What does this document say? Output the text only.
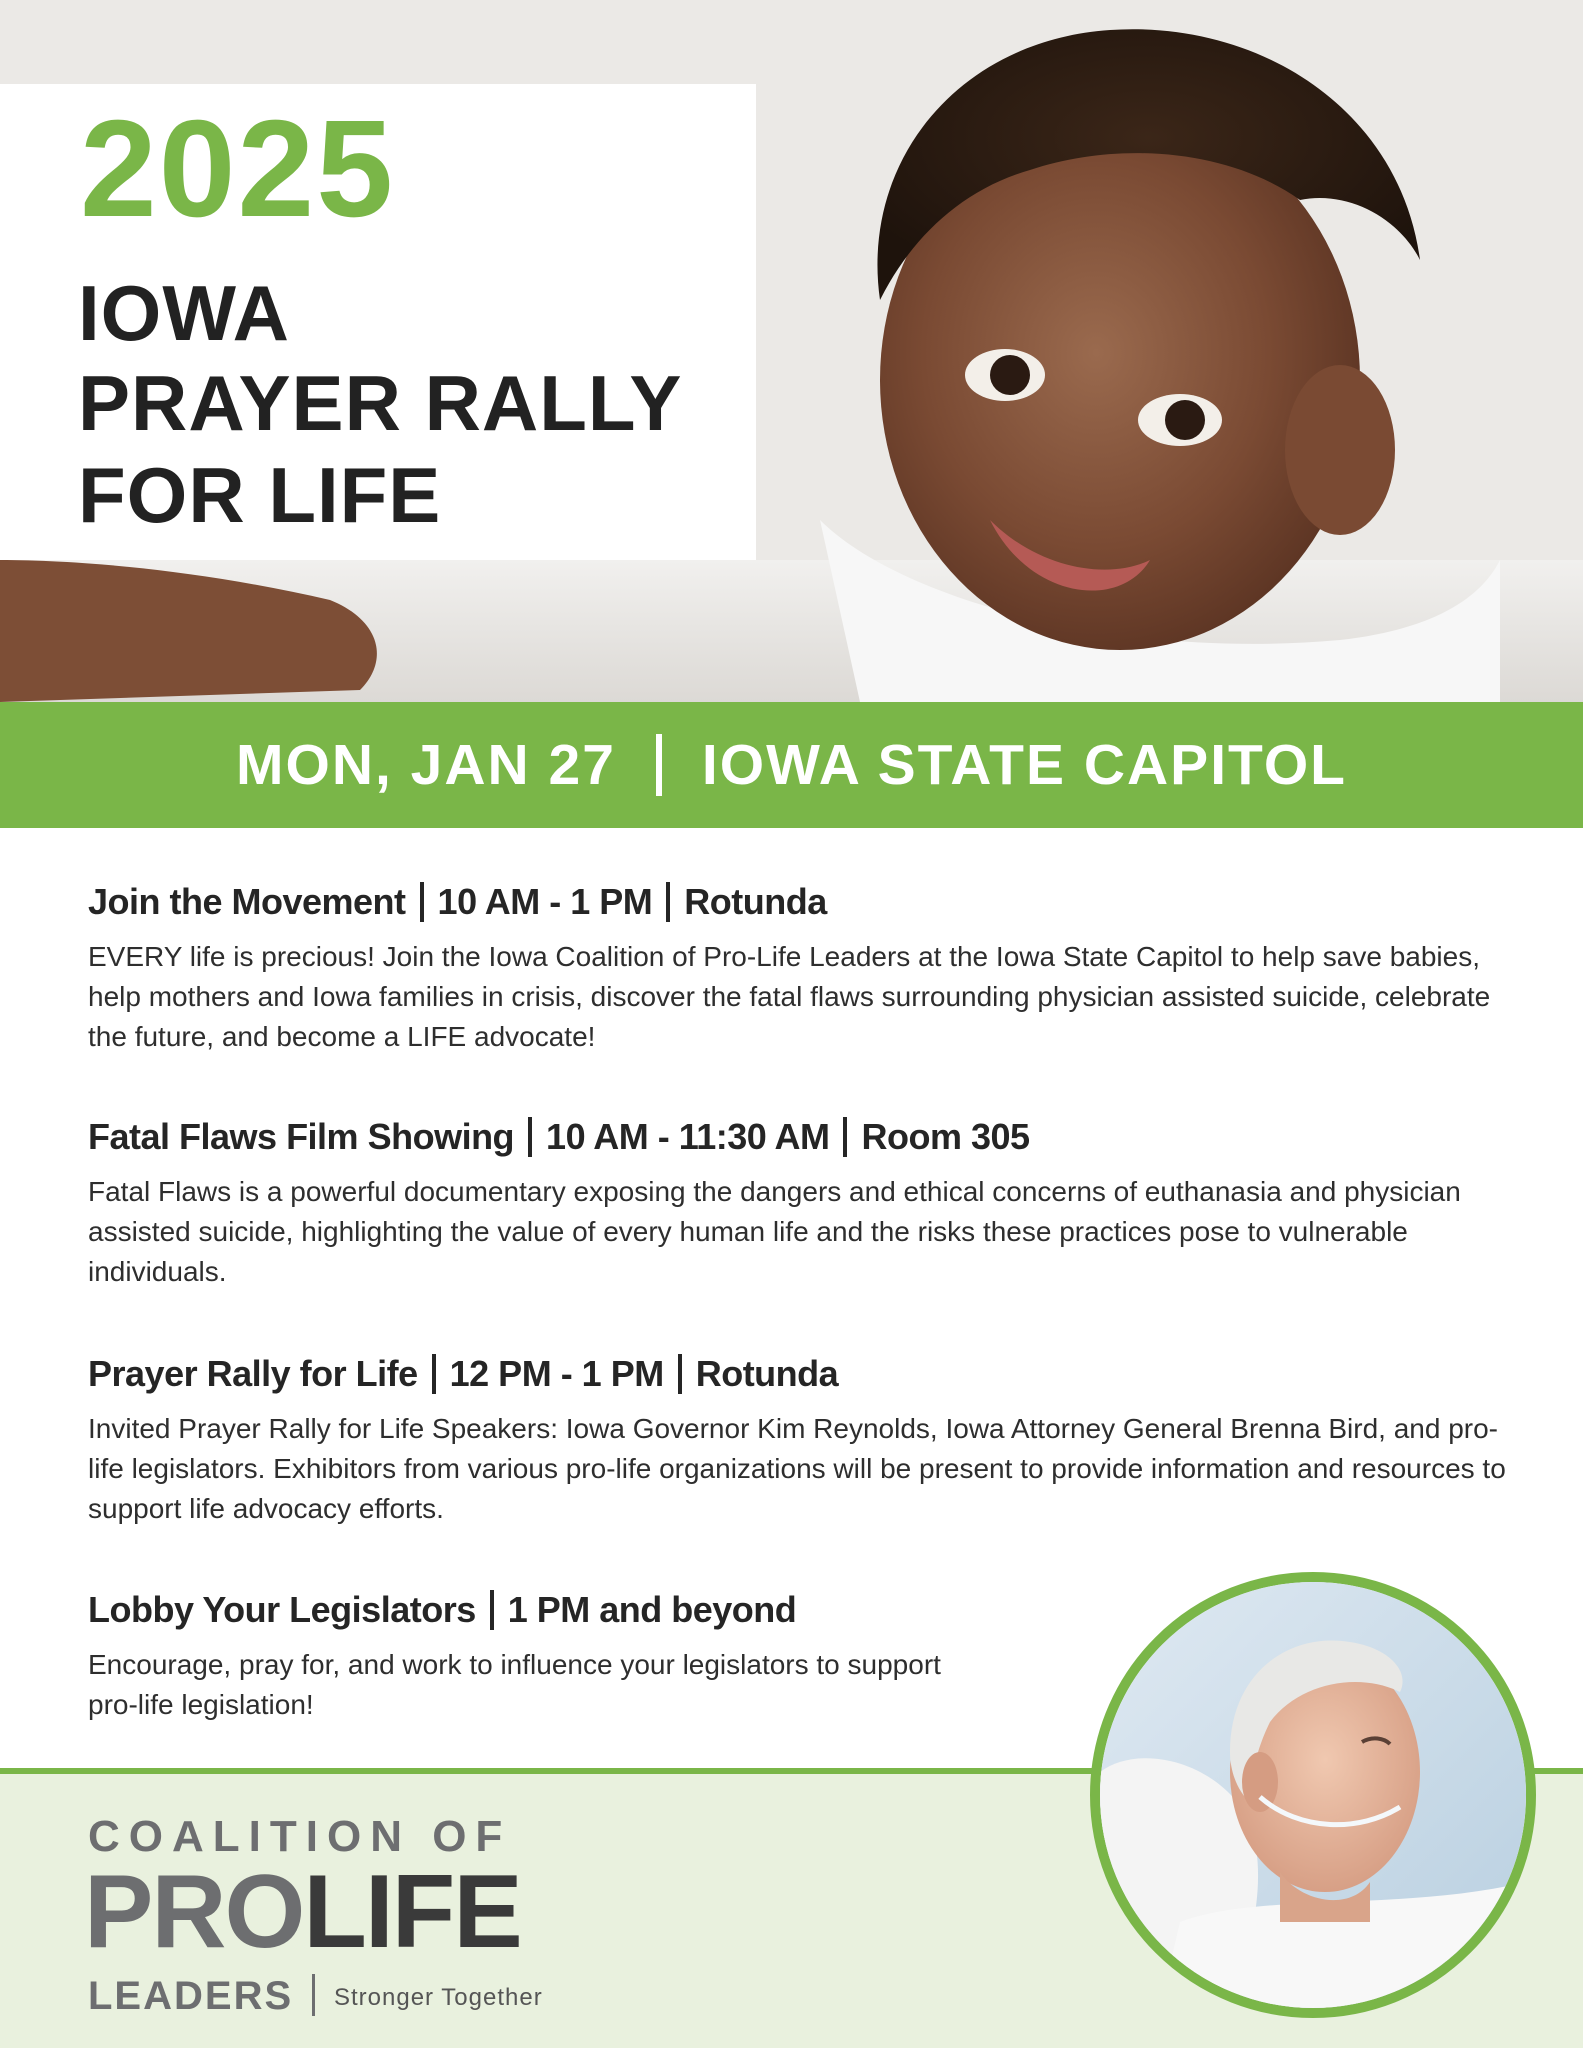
2025
IOWA
PRAYER RALLY
FOR LIFE
MON, JAN 27 IOWA STATE CAPITOL
Join the Movement 10 AM - 1 PM Rotunda
EVERY life is precious! Join the Iowa Coalition of Pro-Life Leaders at the Iowa State Capitol to help save babies, help mothers and Iowa families in crisis, discover the fatal flaws surrounding physician assisted suicide, celebrate the future, and become a LIFE advocate!
Fatal Flaws Film Showing 10 AM - 11:30 AM Room 305
Fatal Flaws is a powerful documentary exposing the dangers and ethical concerns of euthanasia and physician assisted suicide, highlighting the value of every human life and the risks these practices pose to vulnerable individuals.
Prayer Rally for Life 12 PM - 1 PM Rotunda
Invited Prayer Rally for Life Speakers: Iowa Governor Kim Reynolds, Iowa Attorney General Brenna Bird, and pro-life legislators. Exhibitors from various pro-life organizations will be present to provide information and resources to support life advocacy efforts.
Lobby Your Legislators 1 PM and beyond
Encourage, pray for, and work to influence your legislators to support pro-life legislation!
COALITION OF
PROLIFE
LEADERS Stronger Together
